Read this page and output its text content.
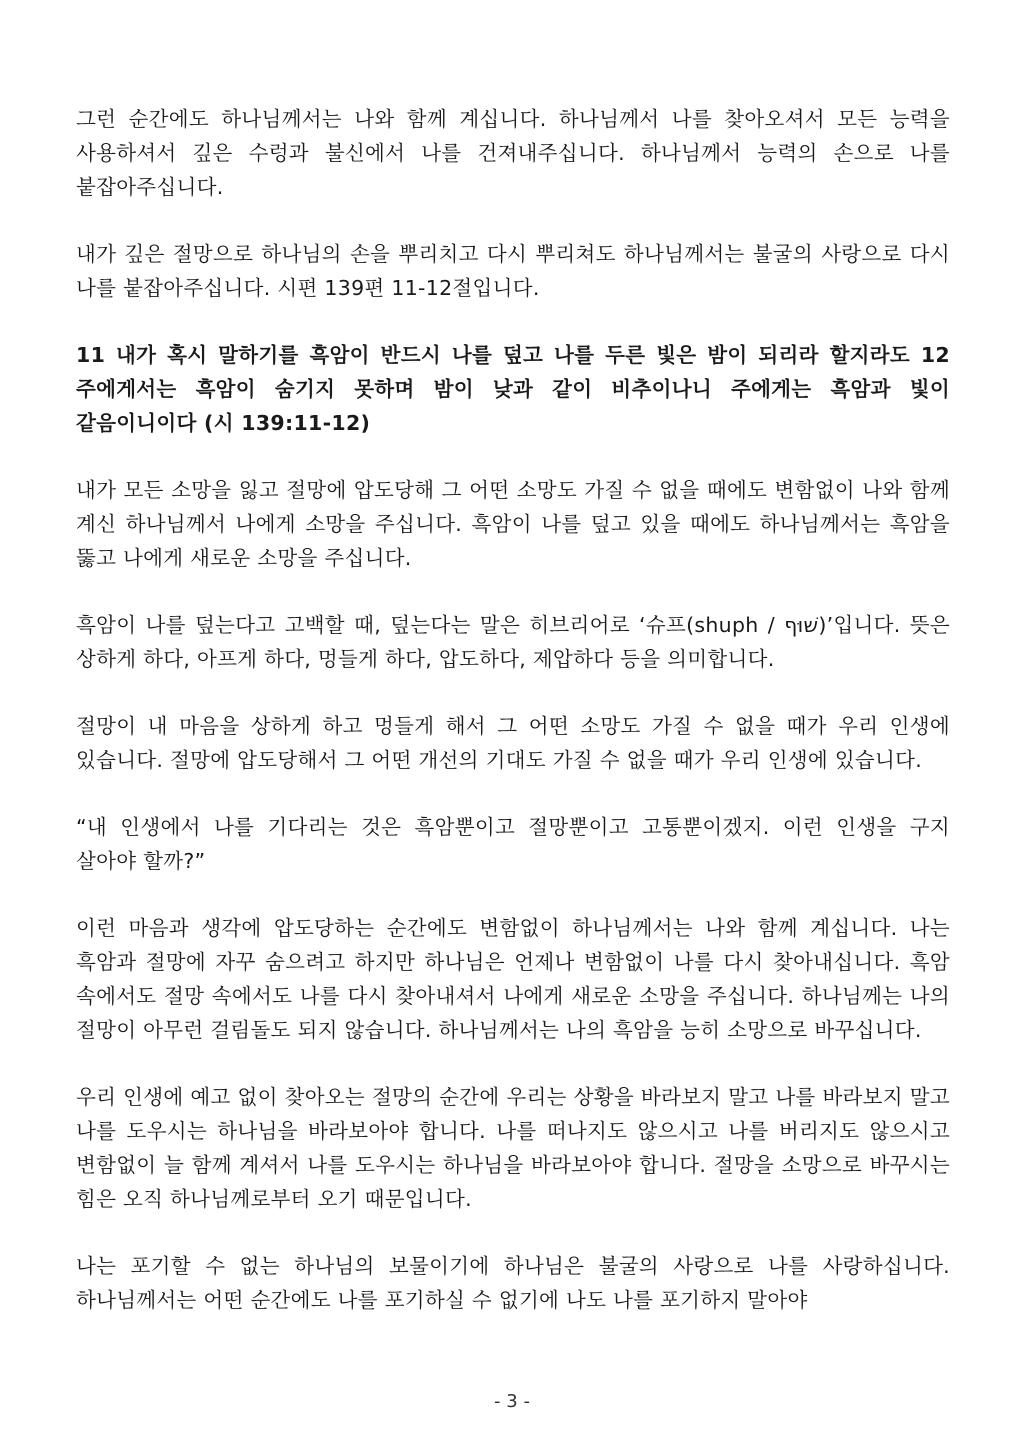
그런 순간에도 하나님께서는 나와 함께 계십니다. 하나님께서 나를 찾아오셔서 모든 능력을 사용하셔서 깊은 수렁과 불신에서 나를 건져내주십니다. 하나님께서 능력의 손으로 나를 붙잡아주십니다.

내가 깊은 절망으로 하나님의 손을 뿌리치고 다시 뿌리쳐도 하나님께서는 불굴의 사랑으로 다시 나를 붙잡아주십니다. 시편 139편 11-12절입니다.

11 내가 혹시 말하기를 흑암이 반드시 나를 덮고 나를 두른 빛은 밤이 되리라 할지라도 12 주에게서는 흑암이 숨기지 못하며 밤이 낮과 같이 비추이나니 주에게는 흑암과 빛이 같음이니이다 (시 139:11-12)

내가 모든 소망을 잃고 절망에 압도당해 그 어떤 소망도 가질 수 없을 때에도 변함없이 나와 함께 계신 하나님께서 나에게 소망을 주십니다. 흑암이 나를 덮고 있을 때에도 하나님께서는 흑암을 뚫고 나에게 새로운 소망을 주십니다.

흑암이 나를 덮는다고 고백할 때, 덮는다는 말은 히브리어로 ‘슈프(shuph / שׁוּף)’입니다. 뜻은 상하게 하다, 아프게 하다, 멍들게 하다, 압도하다, 제압하다 등을 의미합니다.

절망이 내 마음을 상하게 하고 멍들게 해서 그 어떤 소망도 가질 수 없을 때가 우리 인생에 있습니다. 절망에 압도당해서 그 어떤 개선의 기대도 가질 수 없을 때가 우리 인생에 있습니다.

“내 인생에서 나를 기다리는 것은 흑암뿐이고 절망뿐이고 고통뿐이겠지. 이런 인생을 구지 살아야 할까?”

이런 마음과 생각에 압도당하는 순간에도 변함없이 하나님께서는 나와 함께 계십니다. 나는 흑암과 절망에 자꾸 숨으려고 하지만 하나님은 언제나 변함없이 나를 다시 찾아내십니다. 흑암 속에서도 절망 속에서도 나를 다시 찾아내셔서 나에게 새로운 소망을 주십니다. 하나님께는 나의 절망이 아무런 걸림돌도 되지 않습니다. 하나님께서는 나의 흑암을 능히 소망으로 바꾸십니다.

우리 인생에 예고 없이 찾아오는 절망의 순간에 우리는 상황을 바라보지 말고 나를 바라보지 말고 나를 도우시는 하나님을 바라보아야 합니다. 나를 떠나지도 않으시고 나를 버리지도 않으시고 변함없이 늘 함께 계셔서 나를 도우시는 하나님을 바라보아야 합니다. 절망을 소망으로 바꾸시는 힘은 오직 하나님께로부터 오기 때문입니다.

나는 포기할 수 없는 하나님의 보물이기에 하나님은 불굴의 사랑으로 나를 사랑하십니다. 하나님께서는 어떤 순간에도 나를 포기하실 수 없기에 나도 나를 포기하지 말아야

- 3 -
